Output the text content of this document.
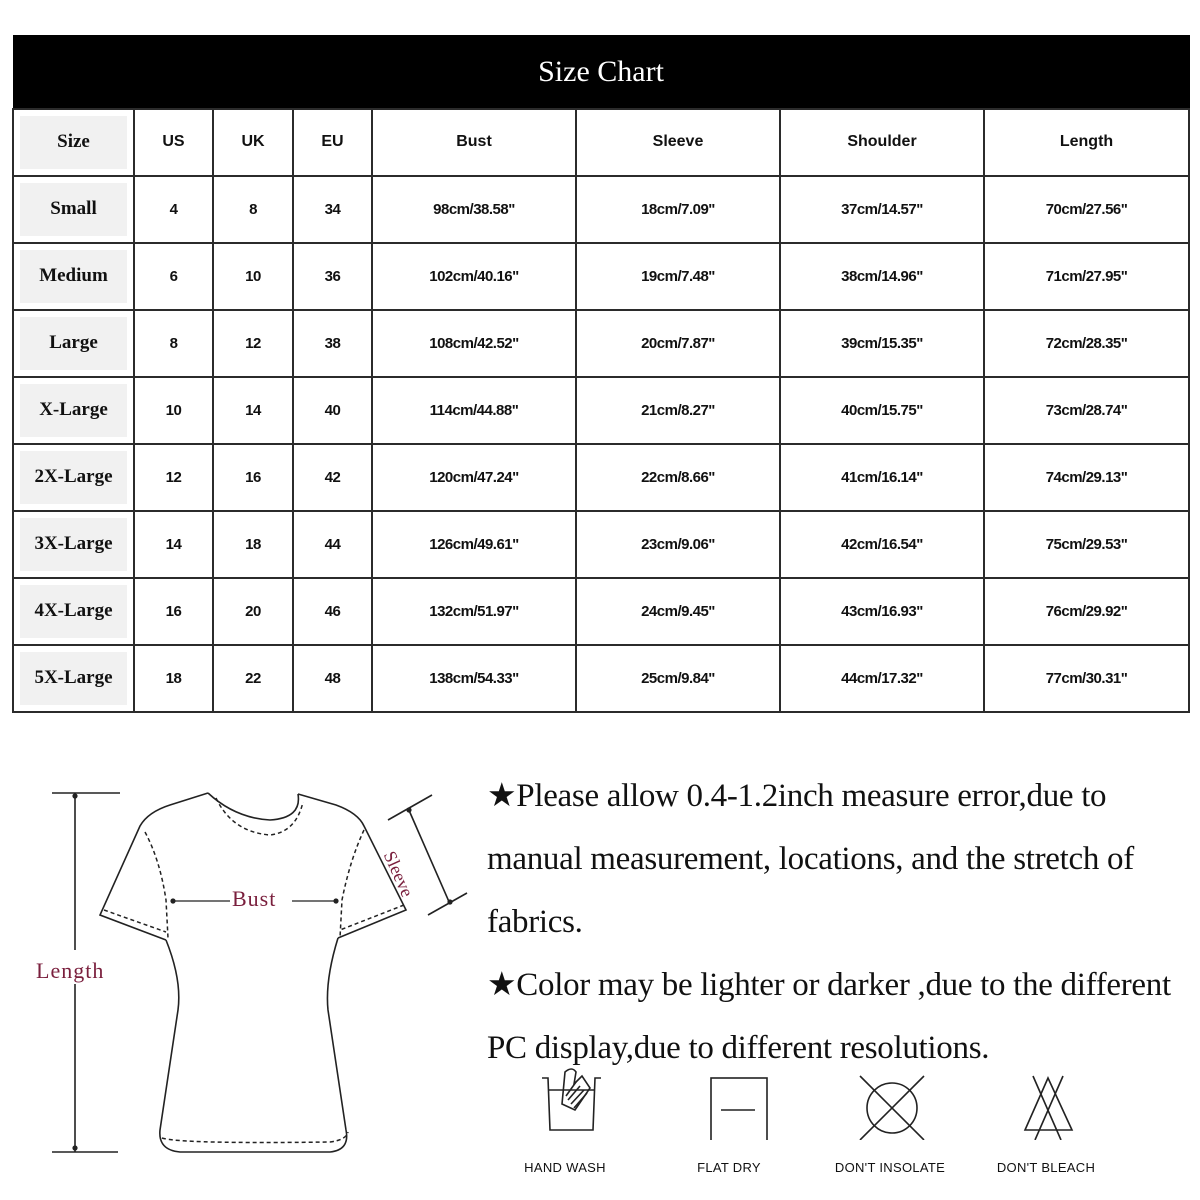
Size Chart							
Size	US	UK	EU	Bust	Sleeve	Shoulder	Length
Small	4	8	34	98cm/38.58"	18cm/7.09"	37cm/14.57"	70cm/27.56"
Medium	6	10	36	102cm/40.16"	19cm/7.48"	38cm/14.96"	71cm/27.95"
Large	8	12	38	108cm/42.52"	20cm/7.87"	39cm/15.35"	72cm/28.35"
X-Large	10	14	40	114cm/44.88"	21cm/8.27"	40cm/15.75"	73cm/28.74"
2X-Large	12	16	42	120cm/47.24"	22cm/8.66"	41cm/16.14"	74cm/29.13"
3X-Large	14	18	44	126cm/49.61"	23cm/9.06"	42cm/16.54"	75cm/29.53"
4X-Large	16	20	46	132cm/51.97"	24cm/9.45"	43cm/16.93"	76cm/29.92"
5X-Large	18	22	48	138cm/54.33"	25cm/9.84"	44cm/17.32"	77cm/30.31"
Bust
Length
Sleeve

★Please allow 0.4-1.2inch measure error,due to manual measurement, locations, and the stretch of fabrics.

★Color may be lighter or darker ,due to the different PC display,due to different resolutions.

HAND WASH	FLAT DRY	DON'T INSOLATE	DON'T BLEACH
